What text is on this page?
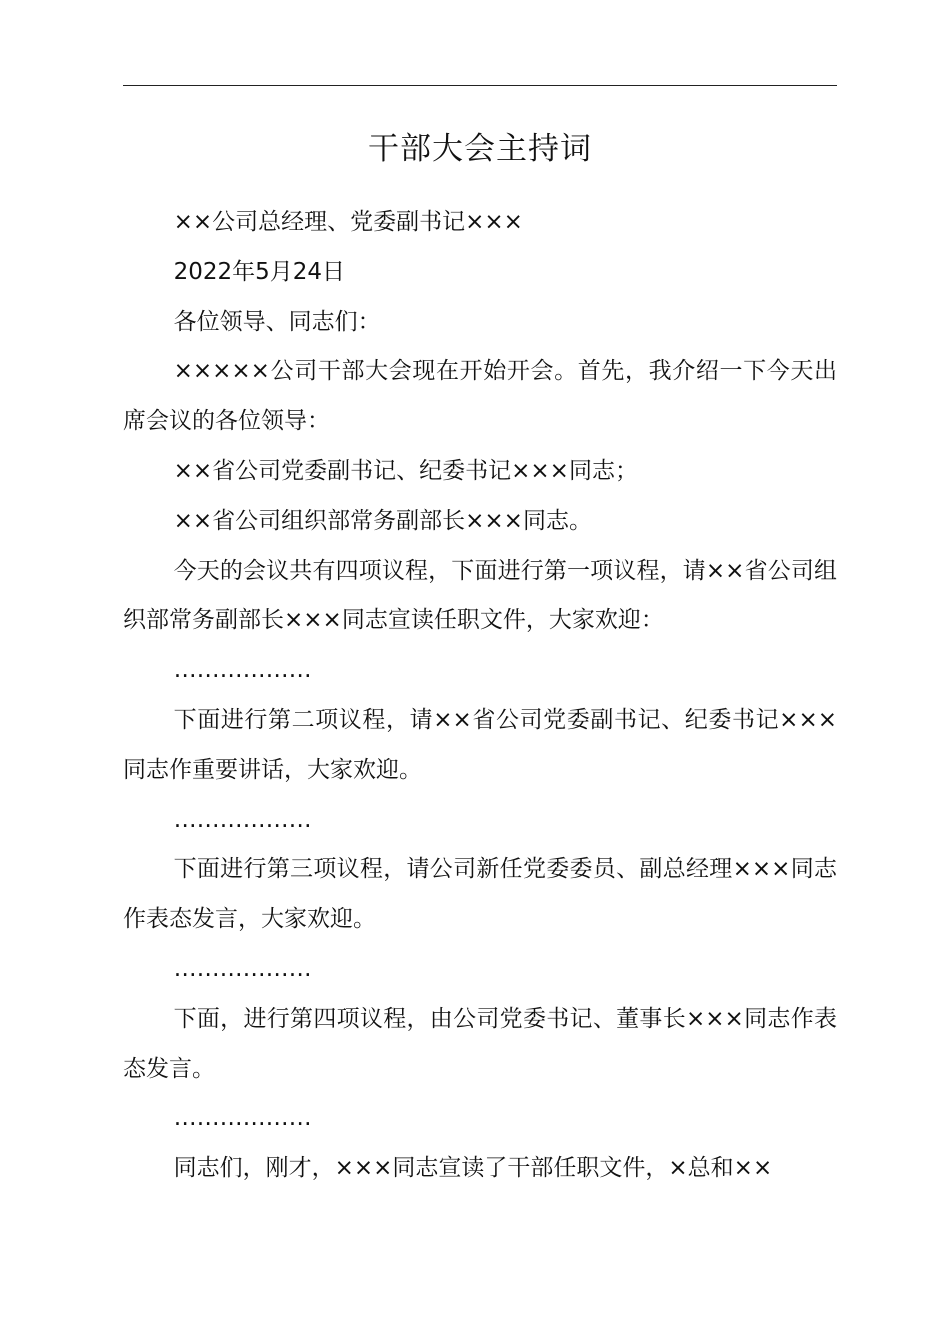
干部大会主持词

××公司总经理、党委副书记×××

2022年5月24日

各位领导、同志们：

×××××公司干部大会现在开始开会。首先，我介绍一下今天出席会议的各位领导：

××省公司党委副书记、纪委书记×××同志；

××省公司组织部常务副部长×××同志。

今天的会议共有四项议程，下面进行第一项议程，请××省公司组织部常务副部长×××同志宣读任职文件，大家欢迎：

………………

下面进行第二项议程，请××省公司党委副书记、纪委书记×××同志作重要讲话，大家欢迎。

………………

下面进行第三项议程，请公司新任党委委员、副总经理×××同志作表态发言，大家欢迎。

………………

下面，进行第四项议程，由公司党委书记、董事长×××同志作表态发言。

………………

同志们，刚才，×××同志宣读了干部任职文件，×总和××
